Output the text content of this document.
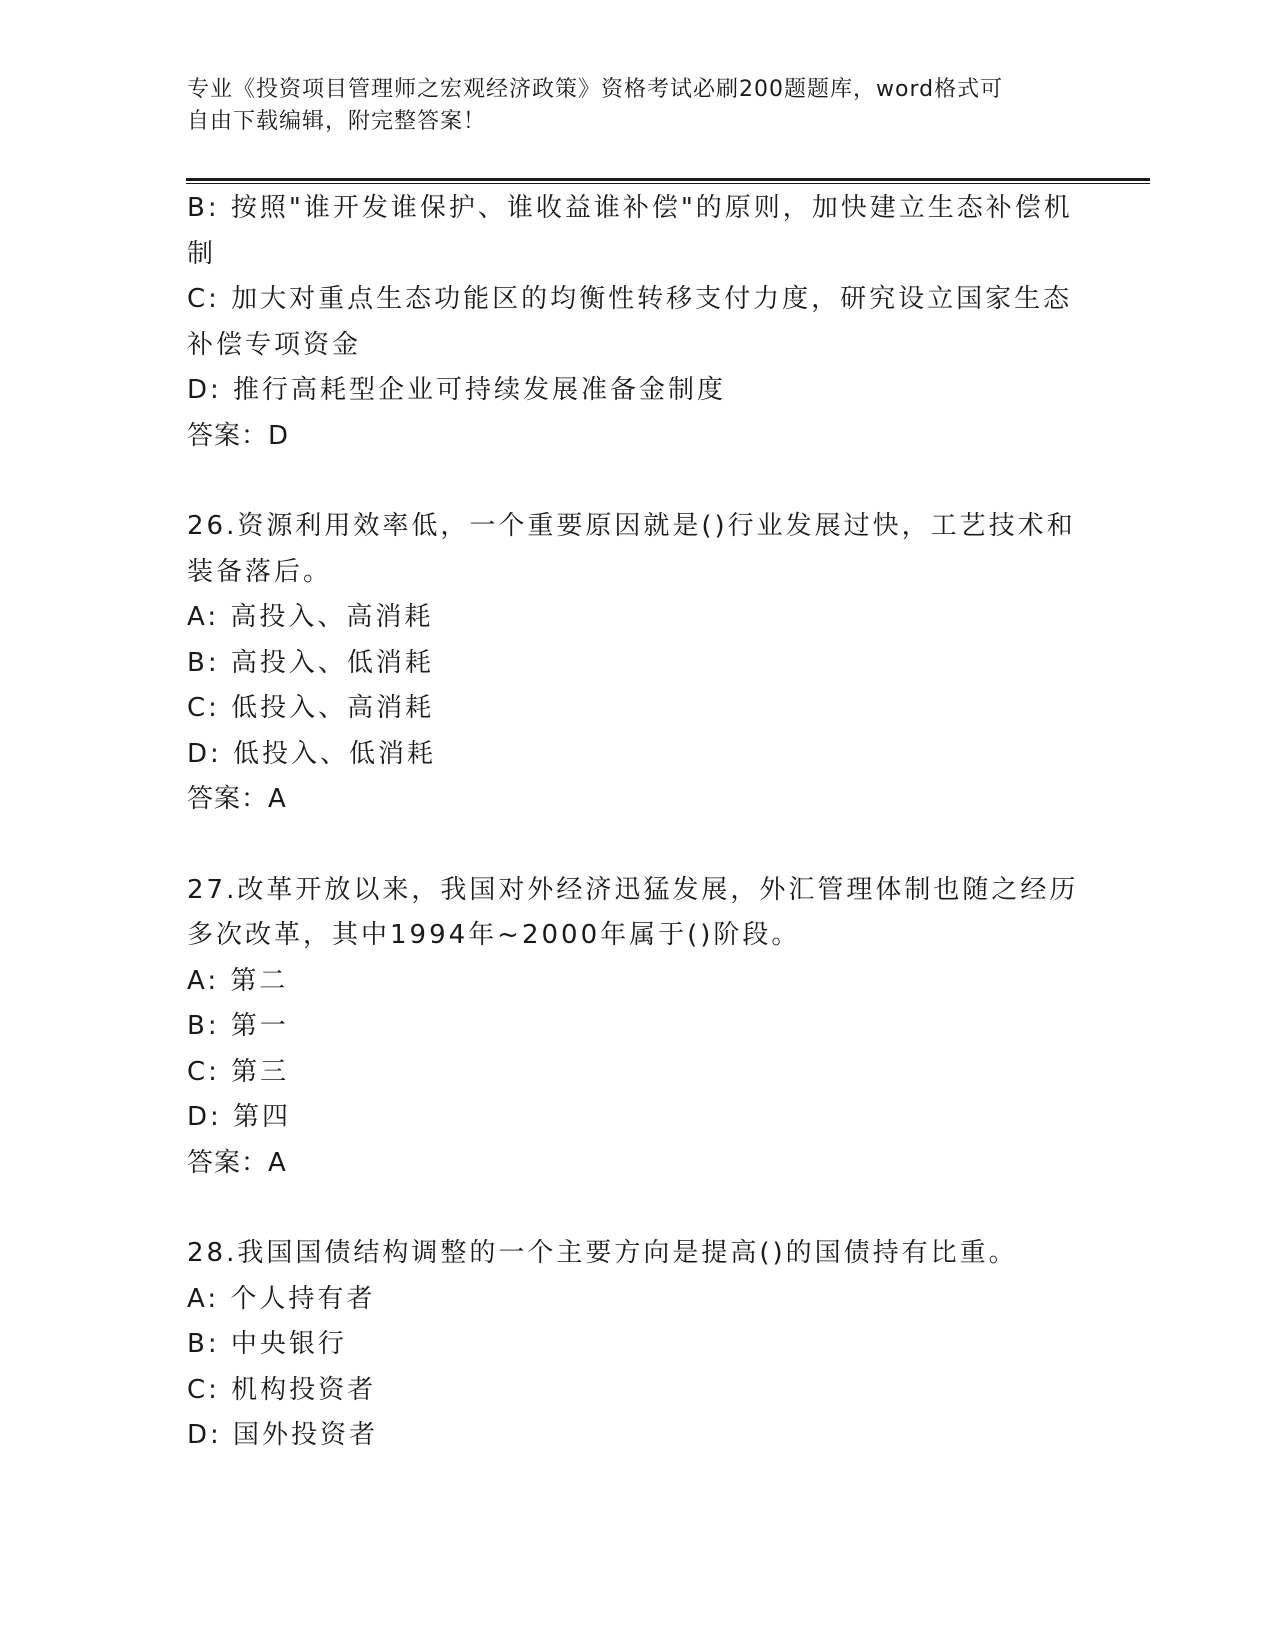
专业《投资项目管理师之宏观经济政策》资格考试必刷200题题库，word格式可
自由下载编辑，附完整答案！

B: 按照"谁开发谁保护、谁收益谁补偿"的原则，加快建立生态补偿机

制

C: 加大对重点生态功能区的均衡性转移支付力度，研究设立国家生态

补偿专项资金

D: 推行高耗型企业可持续发展准备金制度

答案：D

26.资源利用效率低，一个重要原因就是()行业发展过快，工艺技术和

装备落后。

A: 高投入、高消耗

B: 高投入、低消耗

C: 低投入、高消耗

D: 低投入、低消耗

答案：A

27.改革开放以来，我国对外经济迅猛发展，外汇管理体制也随之经历

多次改革，其中1994年~2000年属于()阶段。

A: 第二

B: 第一

C: 第三

D: 第四

答案：A

28.我国国债结构调整的一个主要方向是提高()的国债持有比重。

A: 个人持有者

B: 中央银行

C: 机构投资者

D: 国外投资者
